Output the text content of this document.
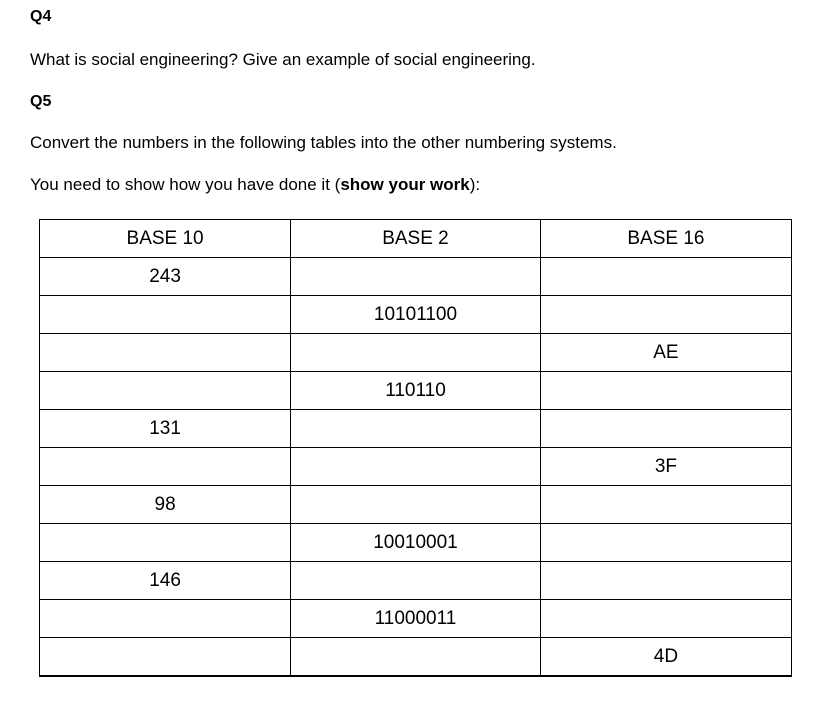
Q4

What is social engineering? Give an example of social engineering.

Q5

Convert the numbers in the following tables into the other numbering systems.

You need to show how you have done it (show your work):

BASE 10	BASE 2	BASE 16
243		
	10101100	
		AE
	110110	
131		
		3F
98		
	10010001	
146		
	11000011	
		4D
